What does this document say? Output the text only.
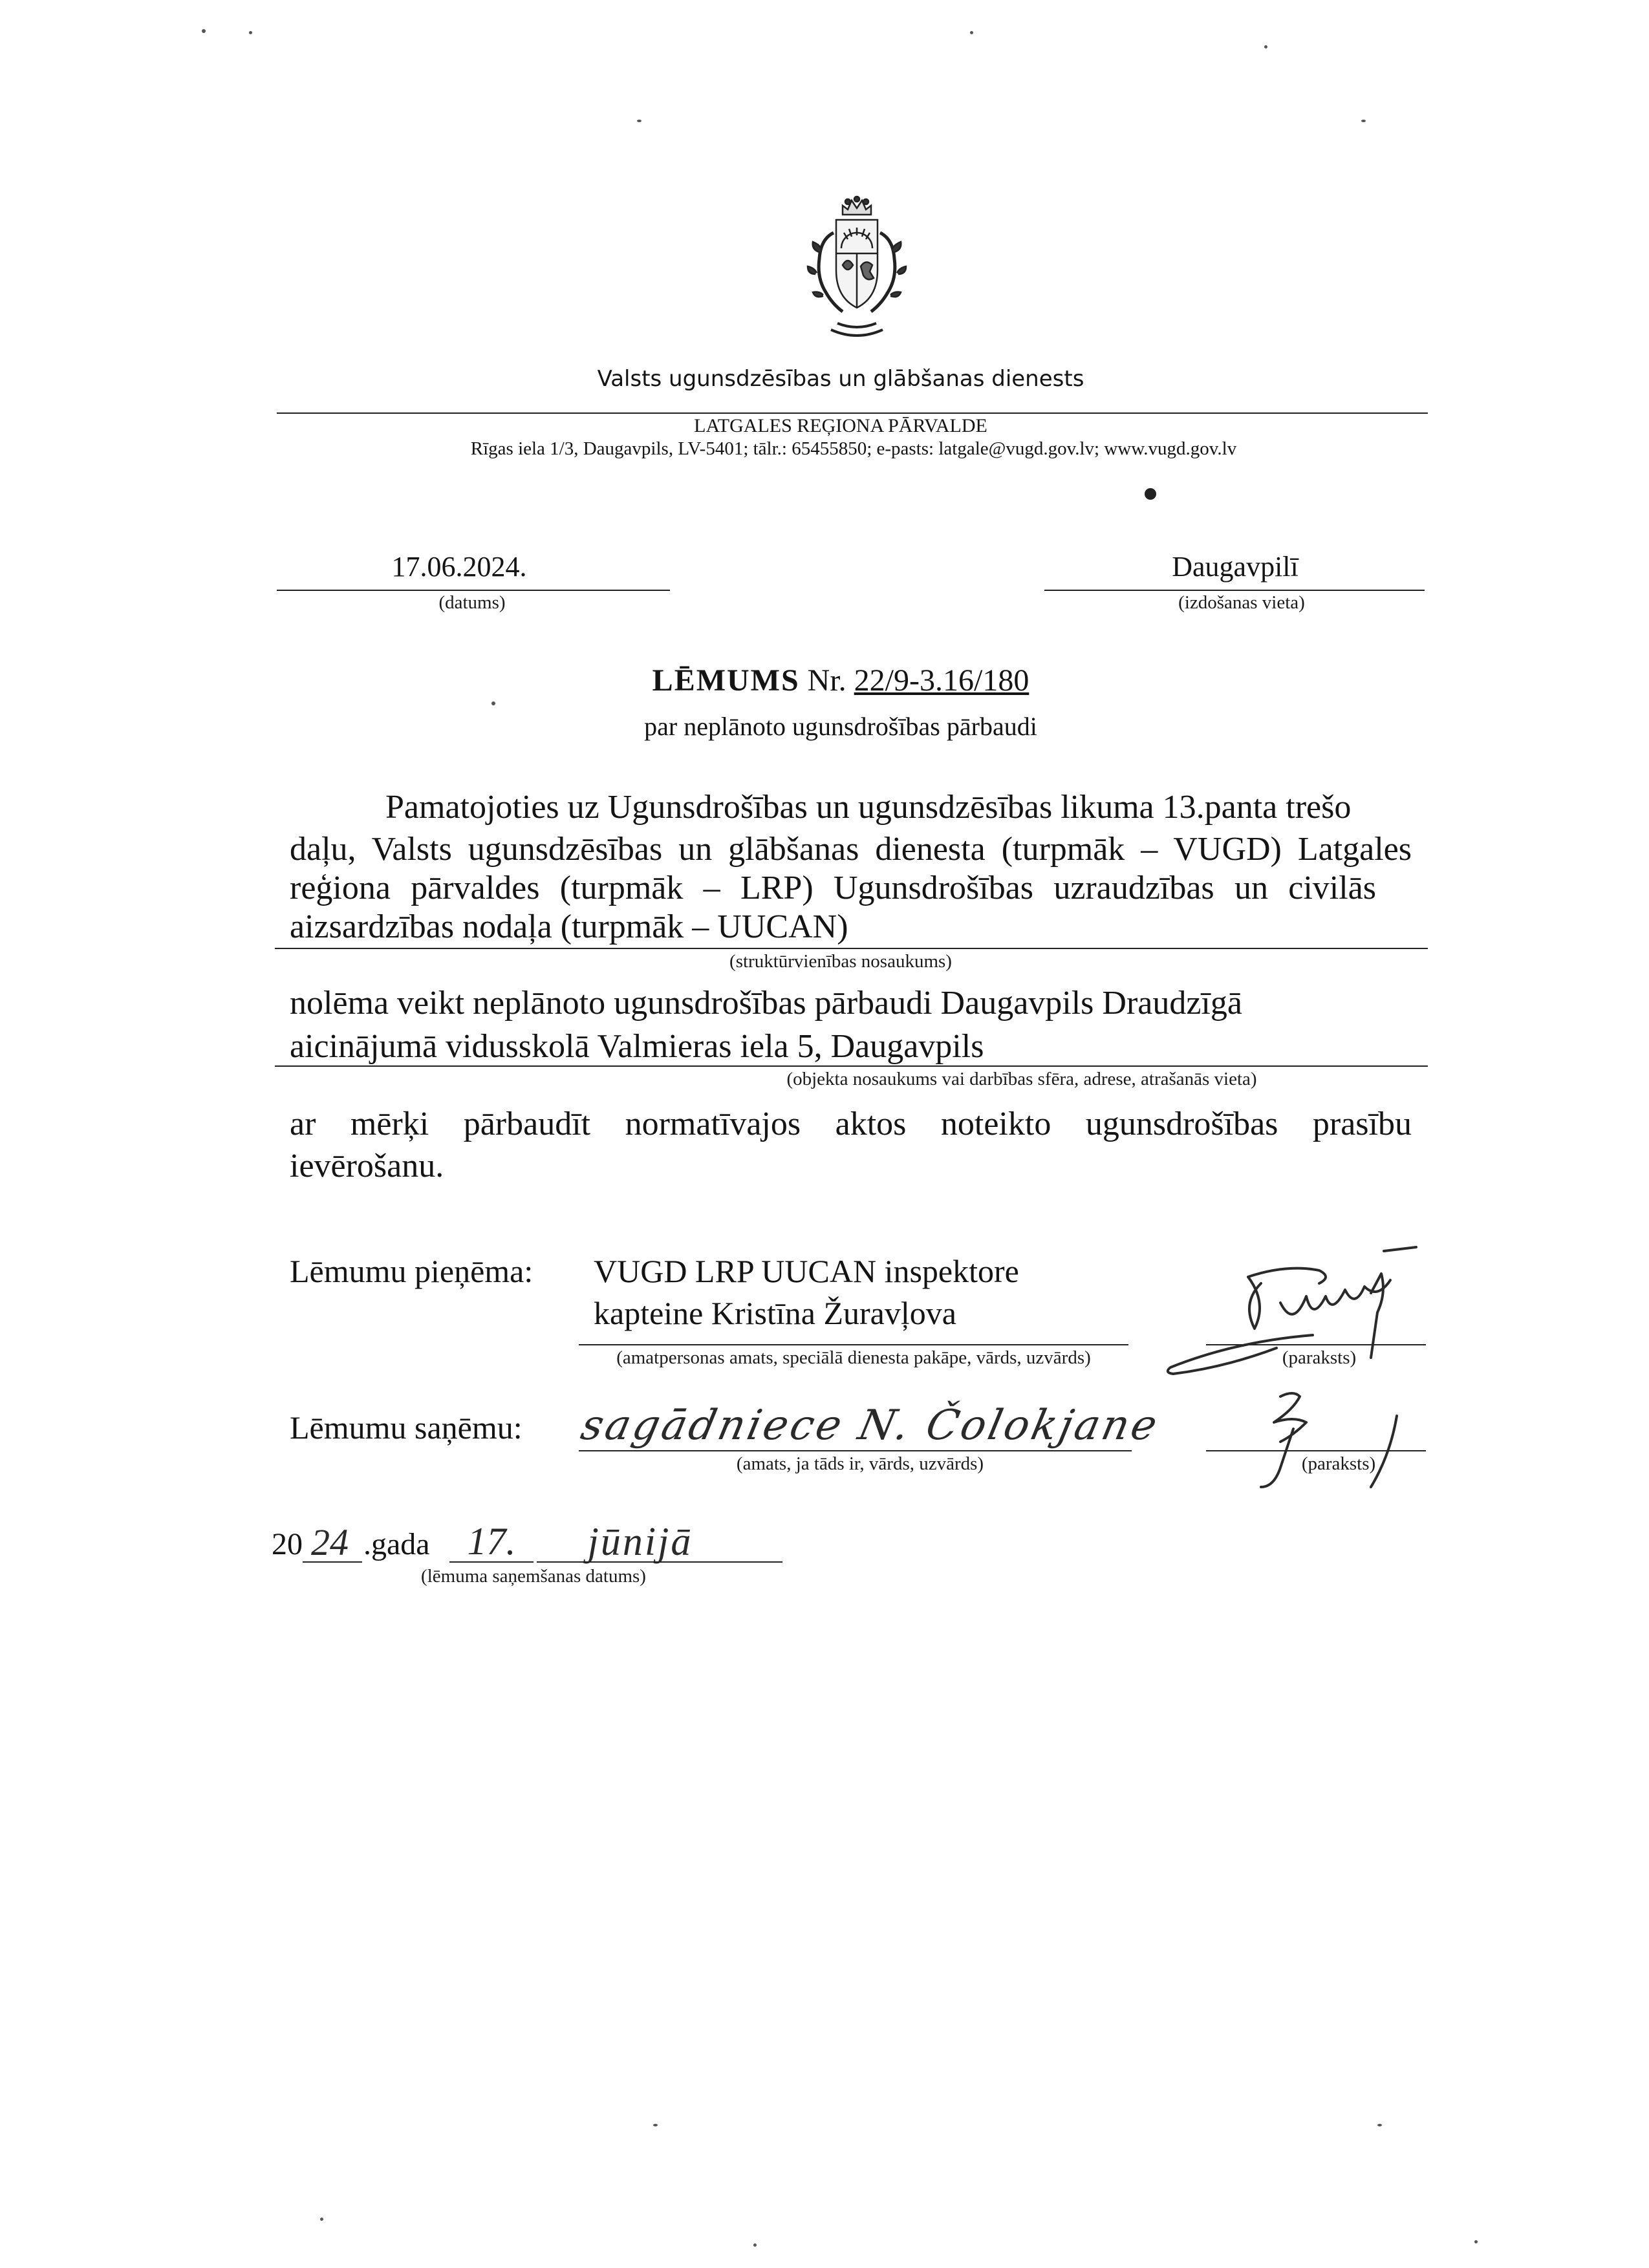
Valsts ugunsdzēsības un glābšanas dienests
LATGALES REĢIONA PĀRVALDE
Rīgas iela 1/3, Daugavpils, LV-5401; tālr.: 65455850; e-pasts: latgale@vugd.gov.lv; www.vugd.gov.lv
17.06.2024.
(datums)
Daugavpilī
(izdošanas vieta)
LĒMUMS Nr. 22/9-3.16/180
par neplānoto ugunsdrošības pārbaudi
Pamatojoties uz Ugunsdrošības un ugunsdzēsības likuma 13.panta trešo
daļu, Valsts ugunsdzēsības un glābšanas dienesta (turpmāk – VUGD) Latgales
reģiona pārvaldes (turpmāk – LRP) Ugunsdrošības uzraudzības un civilās
aizsardzības nodaļa (turpmāk – UUCAN)
(struktūrvienības nosaukums)
nolēma veikt neplānoto ugunsdrošības pārbaudi Daugavpils Draudzīgā
aicinājumā vidusskolā Valmieras iela 5, Daugavpils
(objekta nosaukums vai darbības sfēra, adrese, atrašanās vieta)
ar mērķi pārbaudīt normatīvajos aktos noteikto ugunsdrošības prasību
ievērošanu.
Lēmumu pieņēma: VUGD LRP UUCAN inspektore
kapteine Kristīna Žuravļova
(amatpersonas amats, speciālā dienesta pakāpe, vārds, uzvārds)	(paraksts)
Lēmumu saņēmu: sagādniece N. Čolokjane
(amats, ja tāds ir, vārds, uzvārds)	(paraksts)
20 24 .gada 17.	jūnijā
(lēmuma saņemšanas datums)
